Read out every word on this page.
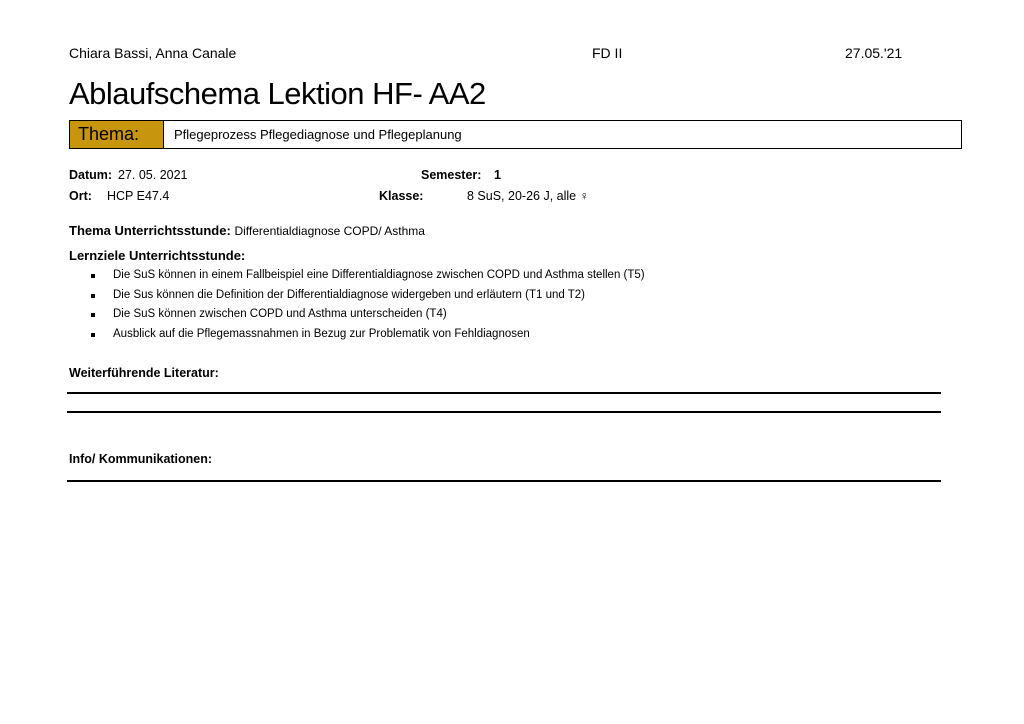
Chiara Bassi, Anna Canale	FD II	27.05.'21
Ablaufschema Lektion HF- AA2
Thema:	Pflegeprozess Pflegediagnose und Pflegeplanung
Datum: 27. 05. 2021
Ort: HCP E47.4
Semester: 1
Klasse:	8 SuS, 20-26 J, alle ♀
Thema Unterrichtsstunde: Differentialdiagnose COPD/ Asthma
Lernziele Unterrichtsstunde:
Die SuS können in einem Fallbeispiel eine Differentialdiagnose zwischen COPD und Asthma stellen (T5)
Die Sus können die Definition der Differentialdiagnose widergeben und erläutern (T1 und T2)
Die SuS können zwischen COPD und Asthma unterscheiden (T4)
Ausblick auf die Pflegemassnahmen in Bezug zur Problematik von Fehldiagnosen
Weiterführende Literatur:
Info/ Kommunikationen:
